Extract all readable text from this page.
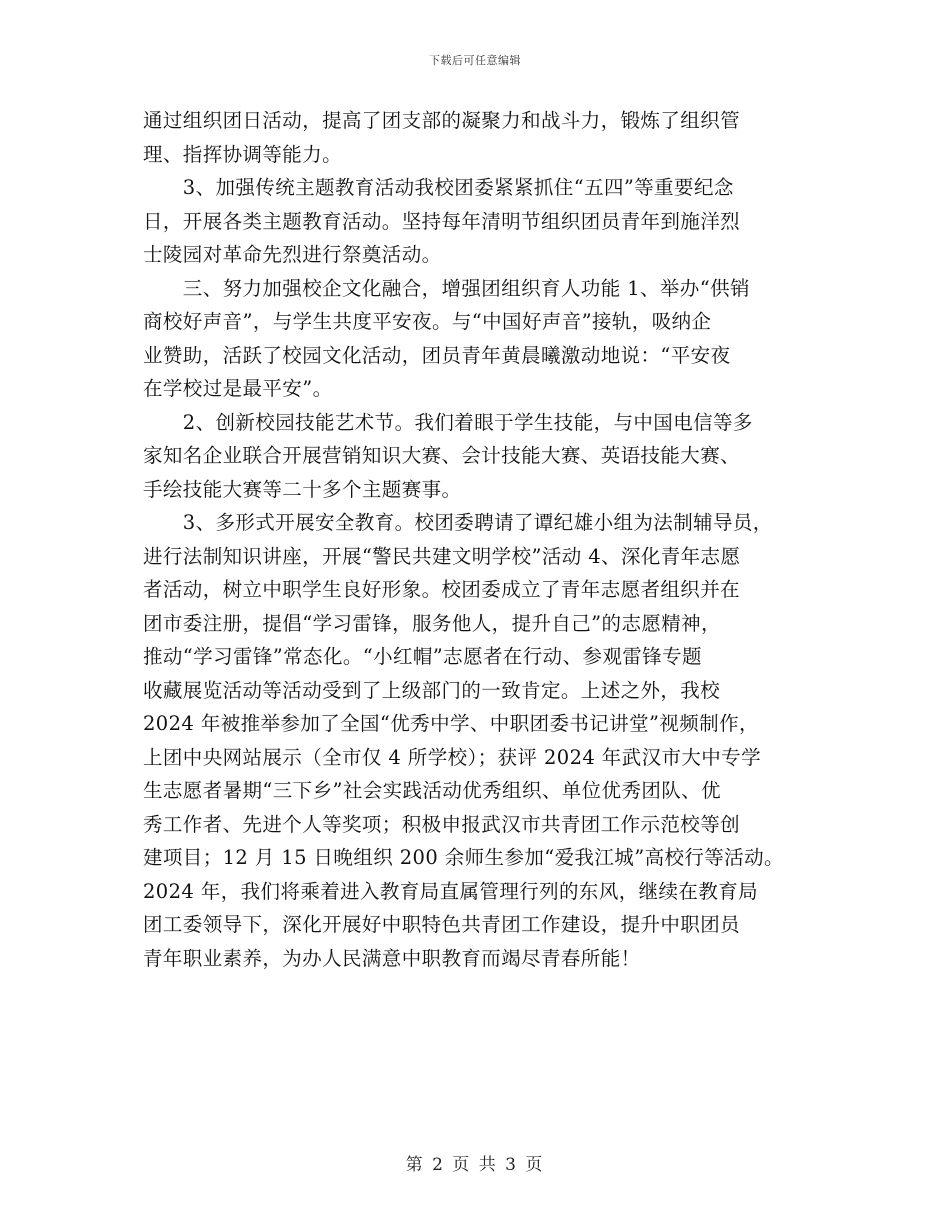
下载后可任意编辑
通过组织团日活动，提高了团支部的凝聚力和战斗力，锻炼了组织管
理、指挥协调等能力。
　　3、加强传统主题教育活动我校团委紧紧抓住“五四”等重要纪念
日，开展各类主题教育活动。坚持每年清明节组织团员青年到施洋烈
士陵园对革命先烈进行祭奠活动。
　　三、努力加强校企文化融合，增强团组织育人功能 1、举办“供销
商校好声音”，与学生共度平安夜。与“中国好声音”接轨，吸纳企
业赞助，活跃了校园文化活动，团员青年黄晨曦激动地说：“平安夜
在学校过是最平安”。
　　2、创新校园技能艺术节。我们着眼于学生技能，与中国电信等多
家知名企业联合开展营销知识大赛、会计技能大赛、英语技能大赛、
手绘技能大赛等二十多个主题赛事。
　　3、多形式开展安全教育。校团委聘请了谭纪雄小组为法制辅导员，
进行法制知识讲座，开展“警民共建文明学校”活动 4、深化青年志愿
者活动，树立中职学生良好形象。校团委成立了青年志愿者组织并在
团市委注册，提倡“学习雷锋，服务他人，提升自己”的志愿精神，
推动“学习雷锋”常态化。“小红帽”志愿者在行动、参观雷锋专题
收藏展览活动等活动受到了上级部门的一致肯定。上述之外，我校
2024 年被推举参加了全国“优秀中学、中职团委书记讲堂”视频制作，
上团中央网站展示（全市仅 4 所学校）；获评 2024 年武汉市大中专学
生志愿者暑期“三下乡”社会实践活动优秀组织、单位优秀团队、优
秀工作者、先进个人等奖项；积极申报武汉市共青团工作示范校等创
建项目；12 月 15 日晚组织 200 余师生参加“爱我江城”高校行等活动。
2024 年，我们将乘着进入教育局直属管理行列的东风，继续在教育局
团工委领导下，深化开展好中职特色共青团工作建设，提升中职团员
青年职业素养，为办人民满意中职教育而竭尽青春所能！
第 2 页 共 3 页
